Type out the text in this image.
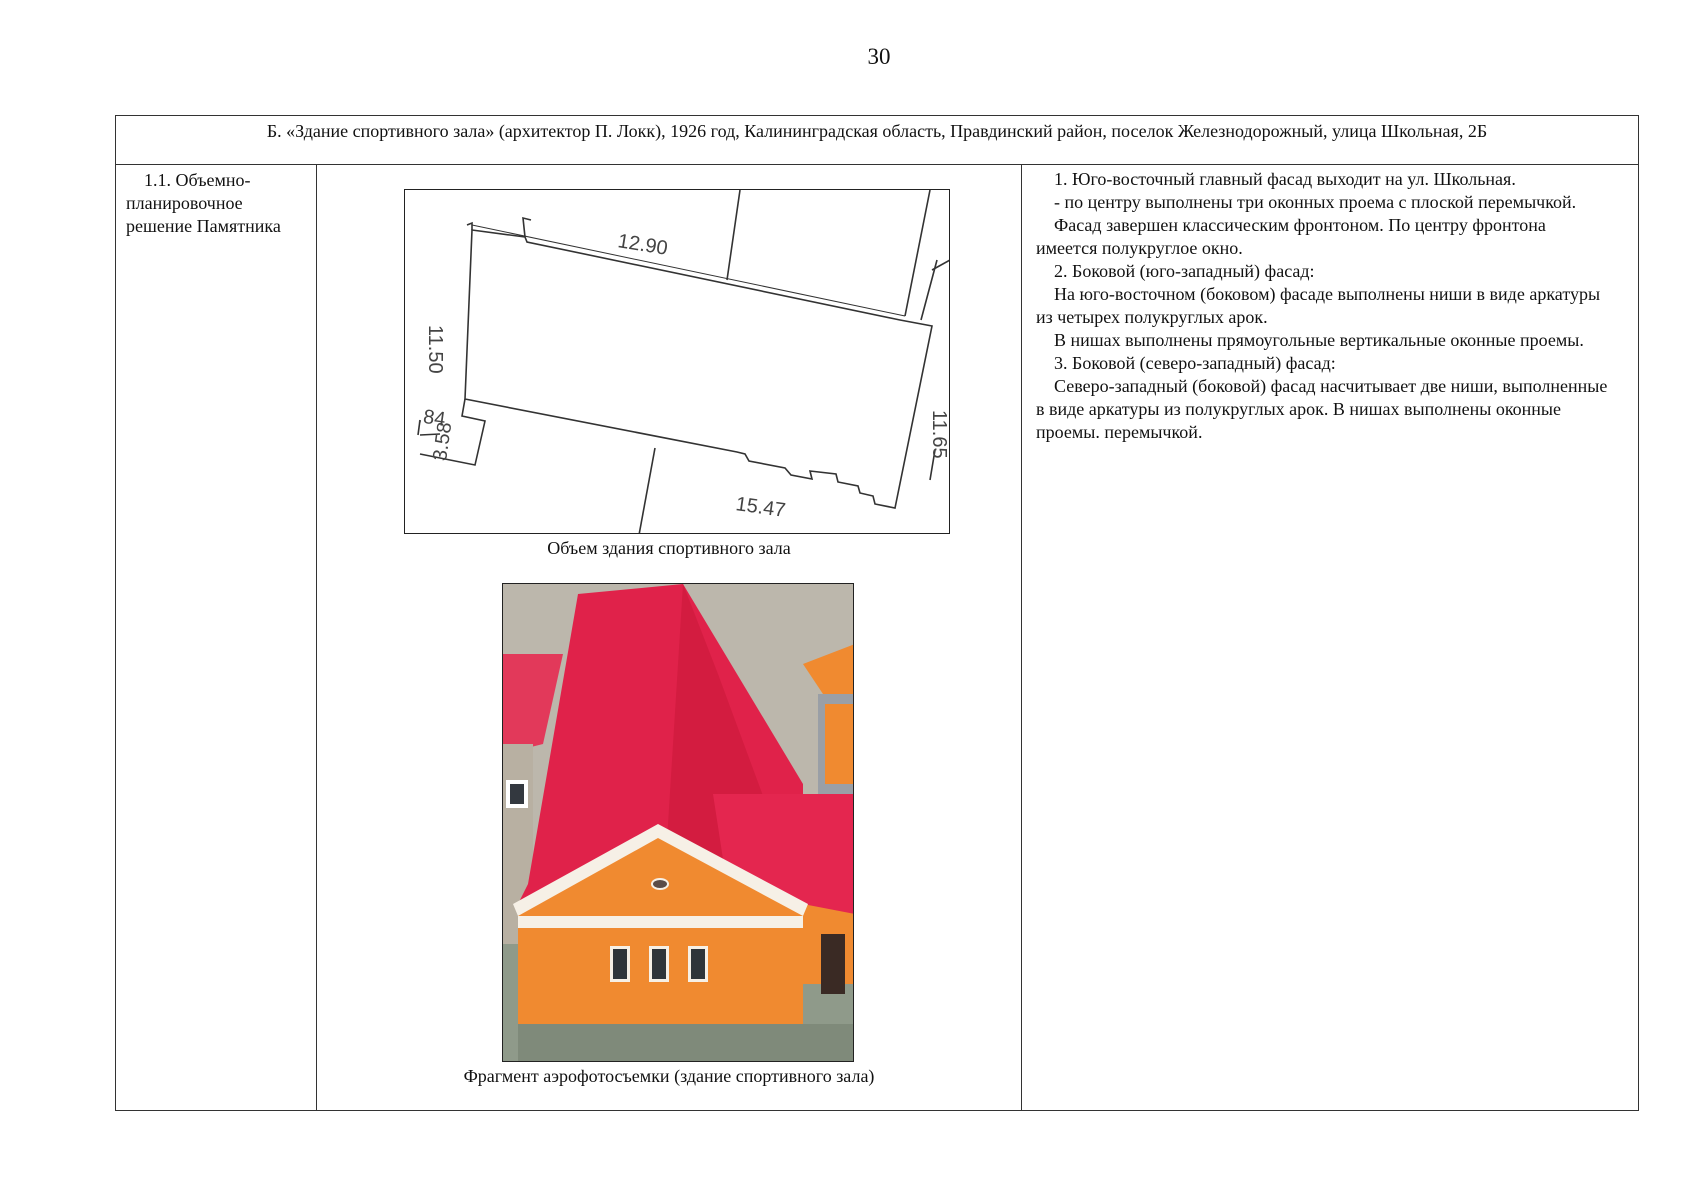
30
Б. «Здание спортивного зала» (архитектор П. Локк), 1926 год, Калининградская область, Правдинский район, поселок Железнодорожный, улица Школьная, 2Б
1.1. Объемно-планировочное решение Памятника
12.90
11.50
15.47
.84
3.58	11.65
Объем здания спортивного зала
Фрагмент аэрофотосъемки (здание спортивного зала)

1. Юго-восточный главный фасад выходит на ул. Школьная.

- по центру выполнены три оконных проема с плоской перемычкой.

Фасад завершен классическим фронтоном. По центру фронтона имеется полукруглое окно.

2. Боковой (юго-западный) фасад:

На юго-восточном (боковом) фасаде выполнены ниши в виде аркатуры из четырех полукруглых арок.

В нишах выполнены прямоугольные вертикальные оконные проемы.

3. Боковой (северо-западный) фасад:

Северо-западный (боковой) фасад насчитывает две ниши, выполненные в виде аркатуры из полукруглых арок. В нишах выполнены оконные проемы. перемычкой.
